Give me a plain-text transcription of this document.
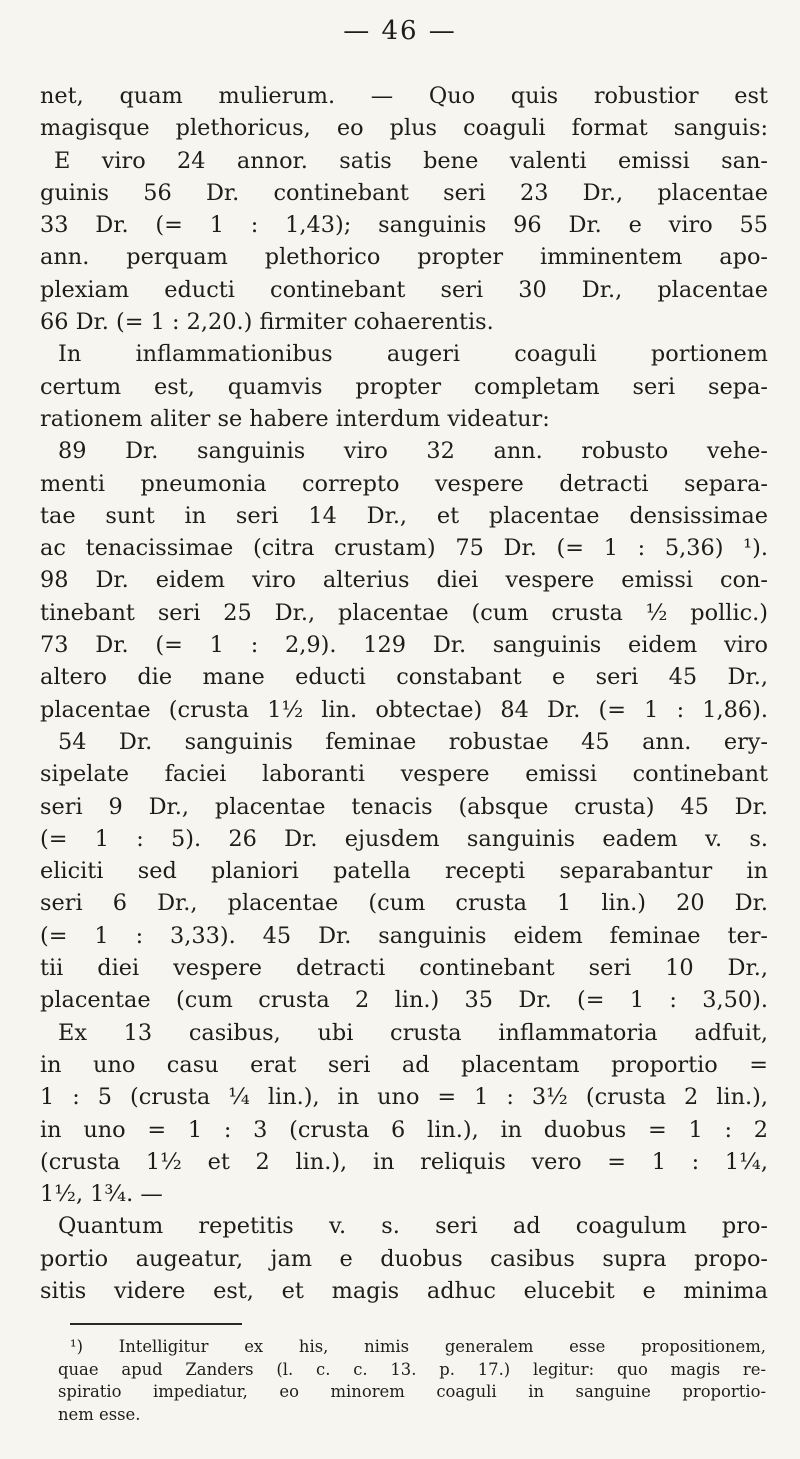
— 46 —
net, quam mulierum. — Quo quis robustior est
magisque plethoricus, eo plus coaguli format sanguis:
E viro 24 annor. satis bene valenti emissi san-
guinis 56 Dr. continebant seri 23 Dr., placentae
33 Dr. (= 1 : 1,43); sanguinis 96 Dr. e viro 55
ann. perquam plethorico propter imminentem apo-
plexiam educti continebant seri 30 Dr., placentae
66 Dr. (= 1 : 2,20.) firmiter cohaerentis.
In inflammationibus augeri coaguli portionem
certum est, quamvis propter completam seri sepa-
rationem aliter se habere interdum videatur:
89 Dr. sanguinis viro 32 ann. robusto vehe-
menti pneumonia correpto vespere detracti separa-
tae sunt in seri 14 Dr., et placentae densissimae
ac tenacissimae (citra crustam) 75 Dr. (= 1 : 5,36) ¹).
98 Dr. eidem viro alterius diei vespere emissi con-
tinebant seri 25 Dr., placentae (cum crusta ½ pollic.)
73 Dr. (= 1 : 2,9). 129 Dr. sanguinis eidem viro
altero die mane educti constabant e seri 45 Dr.,
placentae (crusta 1½ lin. obtectae) 84 Dr. (= 1 : 1,86).
54 Dr. sanguinis feminae robustae 45 ann. ery-
sipelate faciei laboranti vespere emissi continebant
seri 9 Dr., placentae tenacis (absque crusta) 45 Dr.
(= 1 : 5). 26 Dr. ejusdem sanguinis eadem v. s.
eliciti sed planiori patella recepti separabantur in
seri 6 Dr., placentae (cum crusta 1 lin.) 20 Dr.
(= 1 : 3,33). 45 Dr. sanguinis eidem feminae ter-
tii diei vespere detracti continebant seri 10 Dr.,
placentae (cum crusta 2 lin.) 35 Dr. (= 1 : 3,50).
Ex 13 casibus, ubi crusta inflammatoria adfuit,
in uno casu erat seri ad placentam proportio =
1 : 5 (crusta ¼ lin.), in uno = 1 : 3½ (crusta 2 lin.),
in uno = 1 : 3 (crusta 6 lin.), in duobus = 1 : 2
(crusta 1½ et 2 lin.), in reliquis vero = 1 : 1¼,
1½, 1¾. —
Quantum repetitis v. s. seri ad coagulum pro-
portio augeatur, jam e duobus casibus supra propo-
sitis videre est, et magis adhuc elucebit e minima
¹) Intelligitur ex his, nimis generalem esse propositionem,
quae apud Zanders (l. c. c. 13. p. 17.) legitur: quo magis re-
spiratio impediatur, eo minorem coaguli in sanguine proportio-
nem esse.
